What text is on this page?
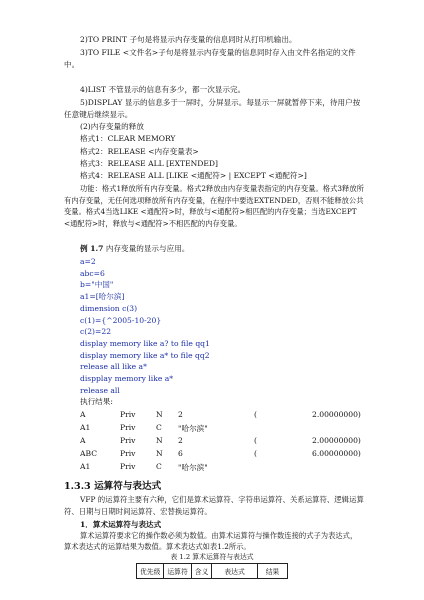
2)TO PRINT 子句是将显示内存变量的信息同时从打印机输出。

3)TO FILE <文件名>子句是将显示内存变量的信息同时存入由文件名指定的文件中。

4)LIST 不管显示的信息有多少，都一次显示完。

5)DISPLAY 显示的信息多于一屏时，分屏显示。每显示一屏就暂停下来，待用户按任意键后继续显示。

(2)内存变量的释放

格式1：CLEAR MEMORY

格式2：RELEASE <内存变量表>

格式3：RELEASE ALL [EXTENDED]

格式4：RELEASE ALL [LIKE <通配符> | EXCEPT <通配符>]

功能：格式1释放所有内存变量。格式2释放由内存变量表指定的内存变量。格式3释放所有内存变量，无任何选项释放所有内存变量，在程序中要选EXTENDED，否则不能释放公共变量。格式4当选LIKE <通配符>时，释放与<通配符>相匹配的内存变量；当选EXCEPT <通配符>时，释放与<通配符>不相匹配的内存变量。

例 1.7 内存变量的显示与应用。

a=2
abc=6
b="中国"
a1=[哈尔滨]
dimension c(3)
c(1)={^2005-10-20}
c(2)=22
display memory like a? to file qq1
display memory like a* to file qq2
release all like a*
dispplay memory like a*
release all
执行结果:
A	Priv	N 2	(	2.00000000)
A1	Priv	C "哈尔滨"
A	Priv	N 2	(	2.00000000)
ABC	Priv	N 6	(	6.00000000)
A1	Priv	C "哈尔滨"
1.3.3 运算符与表达式

VFP 的运算符主要有六种，它们是算术运算符、字符串运算符、关系运算符、逻辑运算符、日期与日期时间运算符、宏替换运算符。

1．算术运算符与表达式

算术运算符要求它的操作数必须为数值。由算术运算符与操作数连接的式子为表达式，算术表达式的运算结果为数值。算术表达式如表1.2所示。

表 1.2 算术运算符与表达式
优先级	运算符	含义	表达式	结果
